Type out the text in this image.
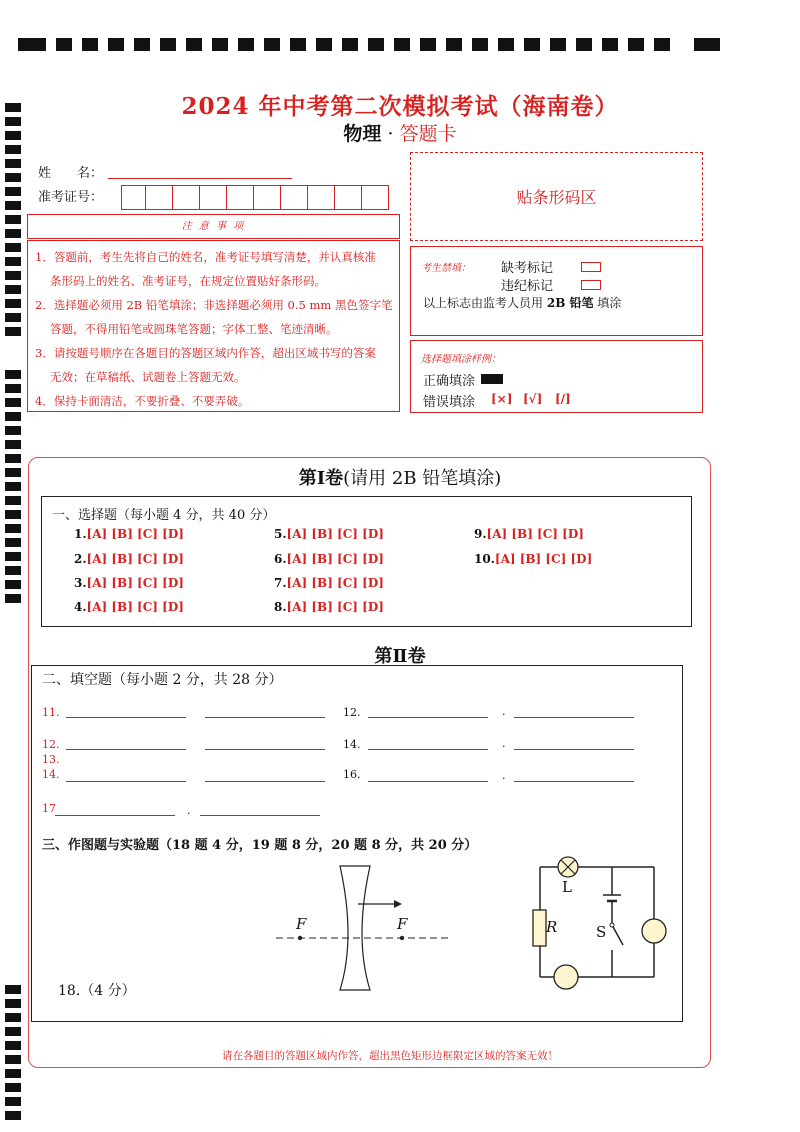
2024 年中考第二次模拟考试（海南卷）
物理 · 答题卡
姓　　名：
准考证号：	贴条形码区
注 意 事 项
1．答题前，考生先将自己的姓名，准考证号填写清楚，并认真核准
条形码上的姓名、准考证号，在规定位置贴好条形码。
2．选择题必须用 2B 铅笔填涂；非选择题必须用 0.5 mm 黑色签字笔
答题，不得用铅笔或圆珠笔答题；字体工整、笔迹清晰。
3．请按题号顺序在各题目的答题区域内作答，超出区域书写的答案
无效；在草稿纸、试题卷上答题无效。
4．保持卡面清洁，不要折叠、不要弄破。
考生禁填： 缺考标记
违纪标记
以上标志由监考人员用 2B 铅笔 填涂
选择题填涂样例：
正确填涂
错误填涂 [×] [√] [/]
第Ⅰ卷(请用 2B 铅笔填涂)
一、选择题（每小题 4 分，共 40 分）
1.[A] [B] [C] [D]
2.[A] [B] [C] [D]
3.[A] [B] [C] [D]
4.[A] [B] [C] [D]
5.[A] [B] [C] [D]
6.[A] [B] [C] [D]
7.[A] [B] [C] [D]
8.[A] [B] [C] [D]
9.[A] [B] [C] [D]
10.[A] [B] [C] [D]
第Ⅱ卷
二、填空题（每小题 2 分，共 28 分）
三、作图题与实验题（18 题 4 分，19 题 8 分，20 题 8 分，共 20 分）
18.（4 分）
11.	12.	.
12.	14.	.
13.
14.	16.	.
17	.
F	F
L
R	S
请在各题目的答题区域内作答，超出黑色矩形边框限定区域的答案无效！
